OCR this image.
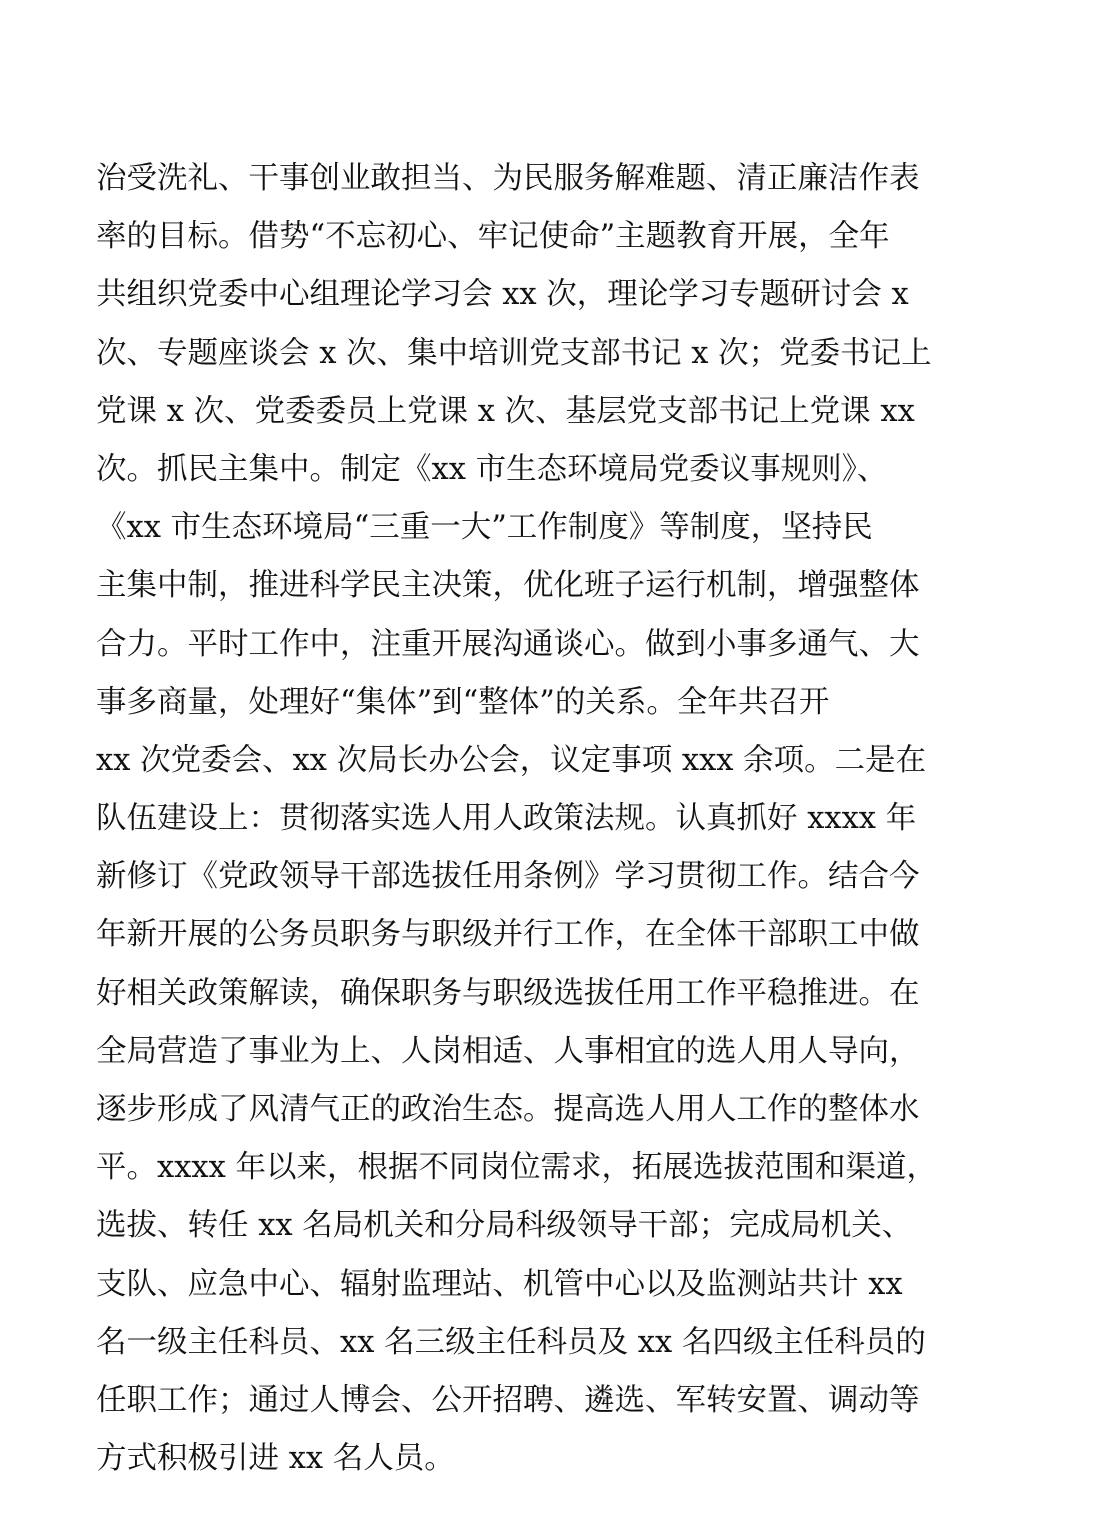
治受洗礼、干事创业敢担当、为民服务解难题、清正廉洁作表
率的目标。借势“不忘初心、牢记使命”主题教育开展，全年
共组织党委中心组理论学习会 xx 次，理论学习专题研讨会 x
次、专题座谈会 x 次、集中培训党支部书记 x 次；党委书记上
党课 x 次、党委委员上党课 x 次、基层党支部书记上党课 xx
次。抓民主集中。制定《xx 市生态环境局党委议事规则》、
《xx 市生态环境局“三重一大”工作制度》等制度，坚持民
主集中制，推进科学民主决策，优化班子运行机制，增强整体
合力。平时工作中，注重开展沟通谈心。做到小事多通气、大
事多商量，处理好“集体”到“整体”的关系。全年共召开
xx 次党委会、xx 次局长办公会，议定事项 xxx 余项。二是在
队伍建设上：贯彻落实选人用人政策法规。认真抓好 xxxx 年
新修订《党政领导干部选拔任用条例》学习贯彻工作。结合今
年新开展的公务员职务与职级并行工作，在全体干部职工中做
好相关政策解读，确保职务与职级选拔任用工作平稳推进。在
全局营造了事业为上、人岗相适、人事相宜的选人用人导向，
逐步形成了风清气正的政治生态。提高选人用人工作的整体水
平。xxxx 年以来，根据不同岗位需求，拓展选拔范围和渠道，
选拔、转任 xx 名局机关和分局科级领导干部；完成局机关、
支队、应急中心、辐射监理站、机管中心以及监测站共计 xx
名一级主任科员、xx 名三级主任科员及 xx 名四级主任科员的
任职工作；通过人博会、公开招聘、遴选、军转安置、调动等
方式积极引进 xx 名人员。
